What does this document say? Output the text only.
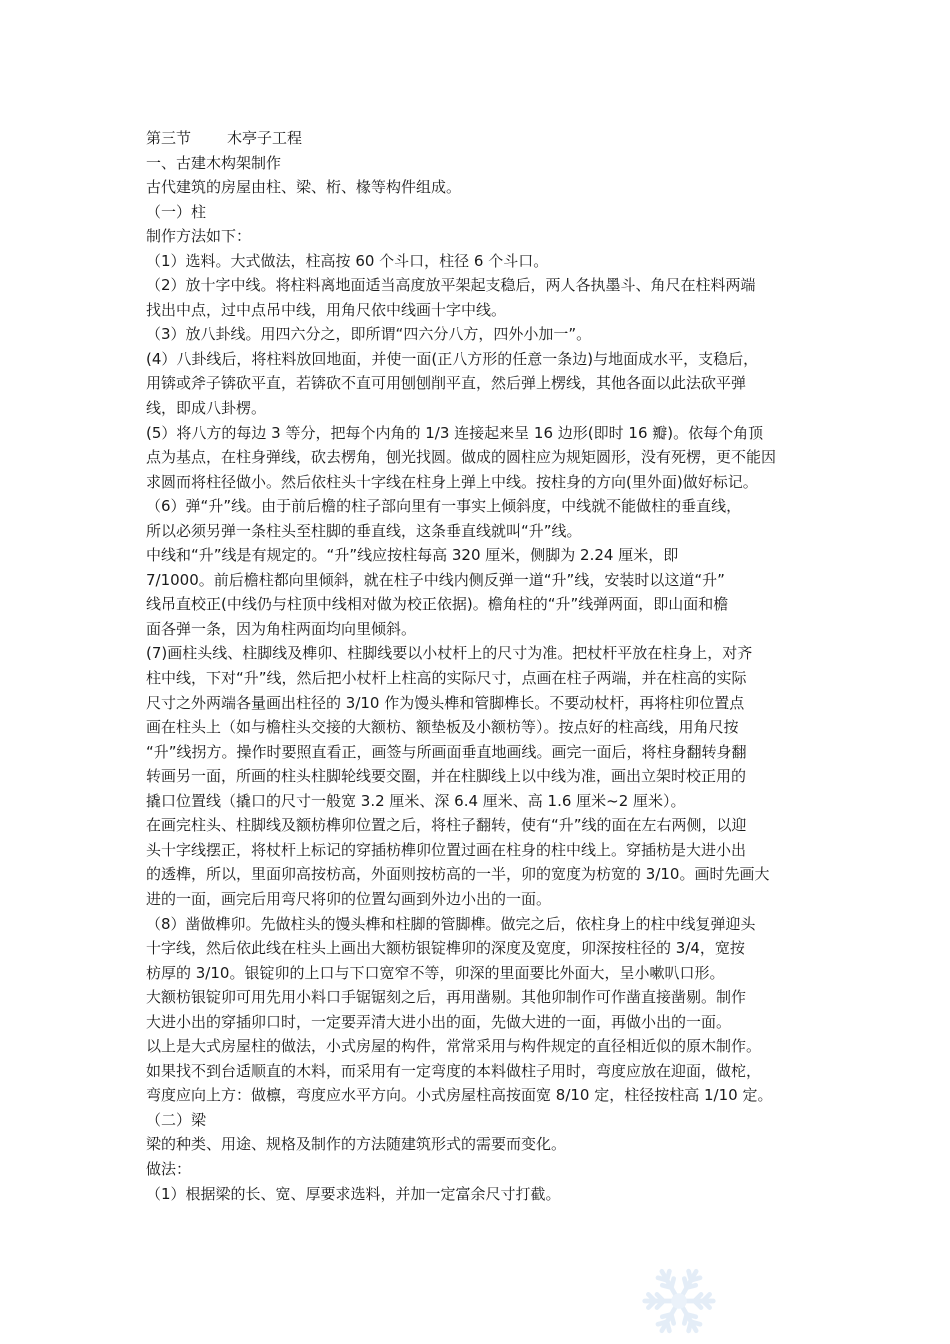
第三节 木亭子工程
一、古建木构架制作
古代建筑的房屋由柱、梁、桁、椽等构件组成。
（一）柱
制作方法如下：
（1）选料。大式做法，柱高按 60 个斗口，柱径 6 个斗口。
（2）放十字中线。将柱料离地面适当高度放平架起支稳后，两人各执墨斗、角尺在柱料两端
找出中点，过中点吊中线，用角尺依中线画十字中线。
（3）放八卦线。用四六分之，即所谓“四六分八方，四外小加一”。
(4）八卦线后，将柱料放回地面，并使一面(正八方形的任意一条边)与地面成水平，支稳后，
用锛或斧子锛砍平直，若锛砍不直可用刨刨削平直，然后弹上楞线，其他各面以此法砍平弹
线，即成八卦楞。
(5）将八方的每边 3 等分，把每个内角的 1/3 连接起来呈 16 边形(即时 16 瓣)。依每个角顶
点为基点，在柱身弹线，砍去楞角，刨光找圆。做成的圆柱应为规矩圆形，没有死楞，更不能因
求圆而将柱径做小。然后依柱头十字线在柱身上弹上中线。按柱身的方向(里外面)做好标记。
（6）弹“升”线。由于前后檐的柱子部向里有一事实上倾斜度，中线就不能做柱的垂直线，
所以必须另弹一条柱头至柱脚的垂直线，这条垂直线就叫“升”线。
中线和“升”线是有规定的。“升”线应按柱每高 320 厘米，侧脚为 2.24 厘米，即
7/1000。前后檐柱都向里倾斜，就在柱子中线内侧反弹一道“升”线，安装时以这道“升”
线吊直校正(中线仍与柱顶中线相对做为校正依据)。檐角柱的“升”线弹两面，即山面和檐
面各弹一条，因为角柱两面均向里倾斜。
(7)画柱头线、柱脚线及榫卯、柱脚线要以小杖杆上的尺寸为准。把杖杆平放在柱身上，对齐
柱中线，下对“升”线，然后把小杖杆上柱高的实际尺寸，点画在柱子两端，并在柱高的实际
尺寸之外两端各量画出柱径的 3/10 作为馒头榫和管脚榫长。不要动杖杆，再将柱卯位置点
画在柱头上（如与檐柱头交接的大额枋、额垫板及小额枋等）。按点好的柱高线，用角尺按
“升”线拐方。操作时要照直看正，画签与所画面垂直地画线。画完一面后，将柱身翻转身翻
转画另一面，所画的柱头柱脚轮线要交圈，并在柱脚线上以中线为准，画出立架时校正用的
撬口位置线（撬口的尺寸一般宽 3.2 厘米、深 6.4 厘米、高 1.6 厘米~2 厘米）。
在画完柱头、柱脚线及额枋榫卯位置之后，将柱子翻转，使有“升”线的面在左右两侧，以迎
头十字线摆正，将杖杆上标记的穿插枋榫卯位置过画在柱身的柱中线上。穿插枋是大进小出
的透榫，所以，里面卯高按枋高，外面则按枋高的一半，卯的宽度为枋宽的 3/10。画时先画大
进的一面，画完后用弯尺将卯的位置勾画到外边小出的一面。
（8）凿做榫卯。先做柱头的馒头榫和柱脚的管脚榫。做完之后，依柱身上的柱中线复弹迎头
十字线，然后依此线在柱头上画出大额枋银锭榫卯的深度及宽度，卯深按柱径的 3/4，宽按
枋厚的 3/10。银锭卯的上口与下口宽窄不等，卯深的里面要比外面大，呈小嗽叭口形。
大额枋银锭卯可用先用小料口手锯锯刻之后，再用凿剔。其他卯制作可作凿直接凿剔。制作
大进小出的穿插卯口时，一定要弄清大进小出的面，先做大进的一面，再做小出的一面。
以上是大式房屋柱的做法，小式房屋的构件，常常采用与构件规定的直径相近似的原木制作。
如果找不到台适顺直的木料，而采用有一定弯度的本料做柱子用时，弯度应放在迎面，做柁，
弯度应向上方：做檩，弯度应水平方向。小式房屋柱高按面宽 8/10 定，柱径按柱高 1/10 定。
（二）梁
梁的种类、用途、规格及制作的方法随建筑形式的需要而变化。
做法：
（1）根据梁的长、宽、厚要求选料，并加一定富余尺寸打截。
